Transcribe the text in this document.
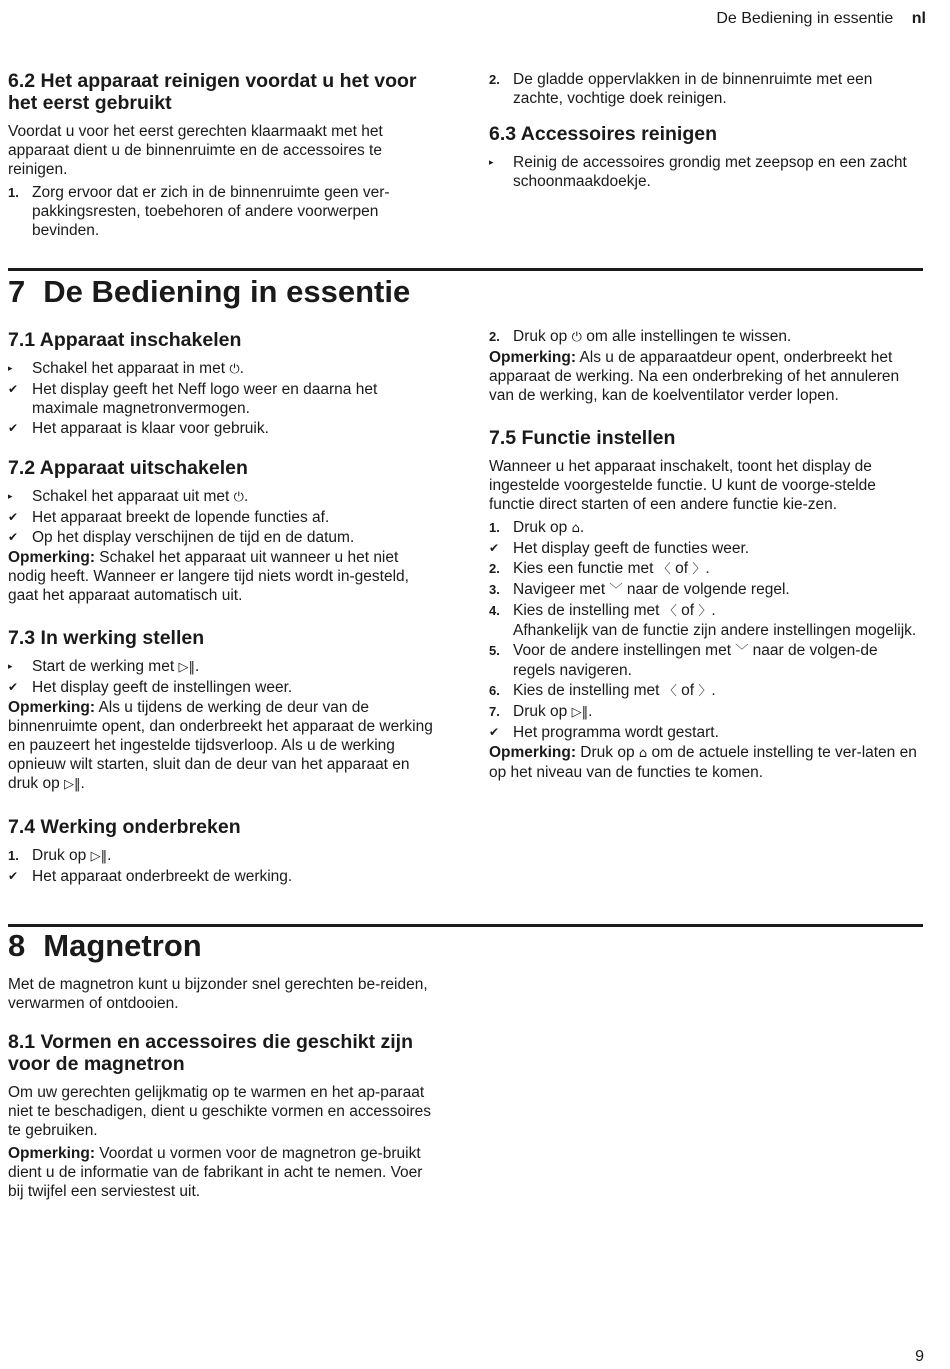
De Bediening in essentie nl
6.2 Het apparaat reinigen voordat u het voor het eerst gebruikt

Voordat u voor het eerst gerechten klaarmaakt met het apparaat dient u de binnenruimte en de accessoires te reinigen.

1. Zorg ervoor dat er zich in de binnenruimte geen ver-pakkingsresten, toebehoren of andere voorwerpen bevinden.
2. De gladde oppervlakken in de binnenruimte met een zachte, vochtige doek reinigen.
6.3 Accessoires reinigen
▸	Reinig de accessoires grondig met zeepsop en een zacht schoonmaakdoekje.
7 De Bediening in essentie
7.1 Apparaat inschakelen
▸	Schakel het apparaat in met ⏻.
✔ Het display geeft het Neff logo weer en daarna het maximale magnetronvermogen.
✔ Het apparaat is klaar voor gebruik.
7.2 Apparaat uitschakelen
▸	Schakel het apparaat uit met ⏻.
✔ Het apparaat breekt de lopende functies af.
✔ Op het display verschijnen de tijd en de datum.

Opmerking: Schakel het apparaat uit wanneer u het niet nodig heeft. Wanneer er langere tijd niets wordt in-gesteld, gaat het apparaat automatisch uit.

7.3 In werking stellen
▸	Start de werking met ▷‖.
✔ Het display geeft de instellingen weer.

Opmerking: Als u tijdens de werking de deur van de binnenruimte opent, dan onderbreekt het apparaat de werking en pauzeert het ingestelde tijdsverloop. Als u de werking opnieuw wilt starten, sluit dan de deur van het apparaat en druk op ▷‖.

7.4 Werking onderbreken
1. Druk op ▷‖.
✔ Het apparaat onderbreekt de werking.
2. Druk op ⏻ om alle instellingen te wissen.

Opmerking: Als u de apparaatdeur opent, onderbreekt het apparaat de werking. Na een onderbreking of het annuleren van de werking, kan de koelventilator verder lopen.

7.5 Functie instellen

Wanneer u het apparaat inschakelt, toont het display de ingestelde voorgestelde functie. U kunt de voorge-stelde functie direct starten of een andere functie kie-zen.

1. Druk op ⌂.
✔ Het display geeft de functies weer.
2. Kies een functie met 〈 of 〉.
3. Navigeer met ﹀ naar de volgende regel.
4. Kies de instelling met 〈 of 〉.
Afhankelijk van de functie zijn andere instellingen mogelijk.
5. Voor de andere instellingen met ﹀ naar de volgen-de regels navigeren.
6. Kies de instelling met 〈 of 〉.
7. Druk op ▷‖.
✔ Het programma wordt gestart.

Opmerking: Druk op ⌂ om de actuele instelling te ver-laten en op het niveau van de functies te komen.

8 Magnetron

Met de magnetron kunt u bijzonder snel gerechten be-reiden, verwarmen of ontdooien.

8.1 Vormen en accessoires die geschikt zijn voor de magnetron

Om uw gerechten gelijkmatig op te warmen en het ap-paraat niet te beschadigen, dient u geschikte vormen en accessoires te gebruiken.

Opmerking: Voordat u vormen voor de magnetron ge-bruikt dient u de informatie van de fabrikant in acht te nemen. Voer bij twijfel een serviestest uit.

9
